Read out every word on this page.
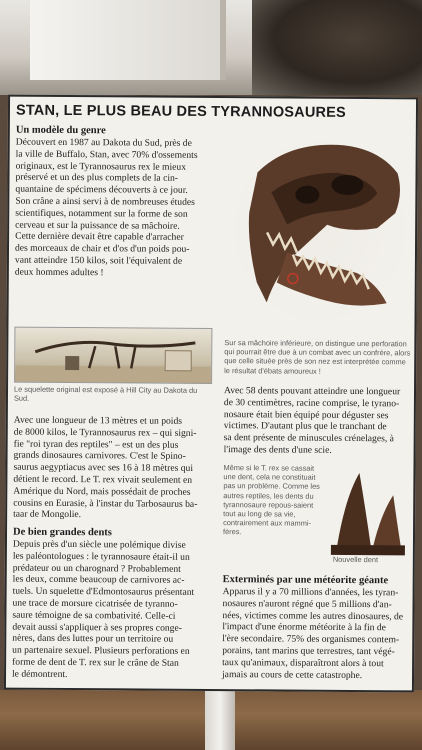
STAN, LE PLUS BEAU DES TYRANNOSAURES

Un modèle du genre

Découvert en 1987 au Dakota du Sud, près de

la ville de Buffalo, Stan, avec 70% d'ossements

originaux, est le Tyrannosaurus rex le mieux

préservé et un des plus complets de la cin-

quantaine de spécimens découverts à ce jour.

Son crâne a ainsi servi à de nombreuses études

scientifiques, notamment sur la forme de son

cerveau et sur la puissance de sa mâchoire.

Cette dernière devait être capable d'arracher

des morceaux de chair et d'os d'un poids pou-

vant atteindre 150 kilos, soit l'équivalent de

deux hommes adultes !

Le squelette original est exposé à Hill City au Dakota du Sud.

Sur sa mâchoire inférieure, on distingue une perforation qui pourrait être due à un combat avec un confrère, alors que celle située près de son nez est interprétée comme le résultat d'ébats amoureux !

Avec une longueur de 13 mètres et un poids

de 8000 kilos, le Tyrannosaurus rex – qui signi-

fie "roi tyran des reptiles" – est un des plus

grands dinosaures carnivores. C'est le Spino-

saurus aegyptiacus avec ses 16 à 18 mètres qui

détient le record. Le T. rex vivait seulement en

Amérique du Nord, mais possédait de proches

cousins en Eurasie, à l'instar du Tarbosaurus ba-

taar de Mongolie.

Avec 58 dents pouvant atteindre une longueur

de 30 centimètres, racine comprise, le tyrano-

nosaure était bien équipé pour déguster ses

victimes. D'autant plus que le tranchant de

sa dent présente de minuscules crénelages, à

l'image des dents d'une scie.

Même si le T. rex se cassait une dent, cela ne constituait pas un problème. Comme les autres reptiles, les dents du tyrannosaure repous-saient tout au long de sa vie, contrairement aux mammi-fères.

Nouvelle dent

De bien grandes dents

Depuis près d'un siècle une polémique divise

les paléontologues : le tyrannosaure était-il un

prédateur ou un charognard ? Probablement

les deux, comme beaucoup de carnivores ac-

tuels. Un squelette d'Edmontosaurus présentant

une trace de morsure cicatrisée de tyranno-

saure témoigne de sa combativité. Celle-ci

devait aussi s'appliquer à ses propres conge-

nères, dans des luttes pour un territoire ou

un partenaire sexuel. Plusieurs perforations en

forme de dent de T. rex sur le crâne de Stan

le démontrent.

Exterminés par une météorite géante

Apparus il y a 70 millions d'années, les tyran-

nosaures n'auront régné que 5 millions d'an-

nées, victimes comme les autres dinosaures, de

l'impact d'une énorme météorite à la fin de

l'ère secondaire. 75% des organismes contem-

porains, tant marins que terrestres, tant végé-

taux qu'animaux, disparaîtront alors à tout

jamais au cours de cette catastrophe.
